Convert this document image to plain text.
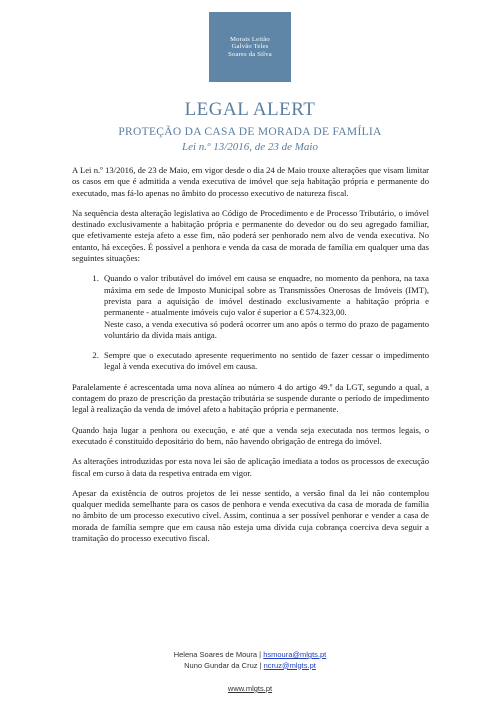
Morais Leitão
Galvão Teles
Soares da Silva
LEGAL ALERT
PROTEÇÃO DA CASA DE MORADA DE FAMÍLIA
Lei n.º 13/2016, de 23 de Maio

A Lei n.º 13/2016, de 23 de Maio, em vigor desde o dia 24 de Maio trouxe alterações que visam limitar os casos em que é admitida a venda executiva de imóvel que seja habitação própria e permanente do executado, mas fá-lo apenas no âmbito do processo executivo de natureza fiscal.

Na sequência desta alteração legislativa ao Código de Procedimento e de Processo Tributário, o imóvel destinado exclusivamente a habitação própria e permanente do devedor ou do seu agregado familiar, que efetivamente esteja afeto a esse fim, não poderá ser penhorado nem alvo de venda executiva. No entanto, há exceções. É possível a penhora e venda da casa de morada de família em qualquer uma das seguintes situações:

1. Quando o valor tributável do imóvel em causa se enquadre, no momento da penhora, na taxa máxima em sede de Imposto Municipal sobre as Transmissões Onerosas de Imóveis (IMT), prevista para a aquisição de imóvel destinado exclusivamente a habitação própria e permanente - atualmente imóveis cujo valor é superior a € 574.323,00.
Neste caso, a venda executiva só poderá ocorrer um ano após o termo do prazo de pagamento voluntário da dívida mais antiga.
2. Sempre que o executado apresente requerimento no sentido de fazer cessar o impedimento legal à venda executiva do imóvel em causa.

Paralelamente é acrescentada uma nova alínea ao número 4 do artigo 49.º da LGT, segundo a qual, a contagem do prazo de prescrição da prestação tributária se suspende durante o período de impedimento legal à realização da venda de imóvel afeto a habitação própria e permanente.

Quando haja lugar a penhora ou execução, e até que a venda seja executada nos termos legais, o executado é constituído depositário do bem, não havendo obrigação de entrega do imóvel.

As alterações introduzidas por esta nova lei são de aplicação imediata a todos os processos de execução fiscal em curso à data da respetiva entrada em vigor.

Apesar da existência de outros projetos de lei nesse sentido, a versão final da lei não contemplou qualquer medida semelhante para os casos de penhora e venda executiva da casa de morada de família no âmbito de um processo executivo cível. Assim, continua a ser possível penhorar e vender a casa de morada de família sempre que em causa não esteja uma dívida cuja cobrança coerciva deva seguir a tramitação do processo executivo fiscal.

Helena Soares de Moura | hsmoura@mlgts.pt
Nuno Gundar da Cruz | ncruz@mlgts.pt
www.mlgts.pt
